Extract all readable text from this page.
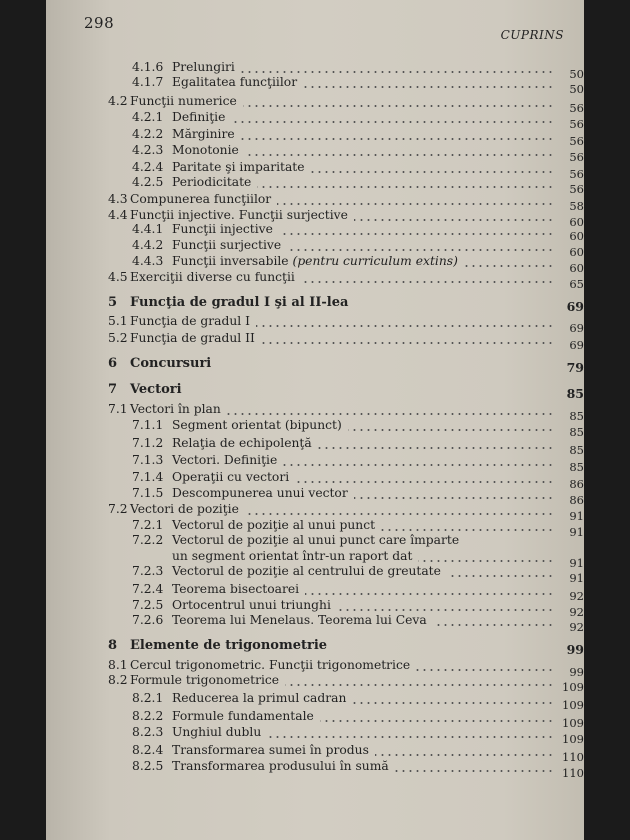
298
CUPRINS
4.1.6 Prelungiri	50
4.1.7 Egalitatea funcţiilor	50
4.2 Funcţii numerice	56
4.2.1 Definiţie	56
4.2.2 Mărginire	56
4.2.3 Monotonie	56
4.2.4 Paritate şi imparitate	56
4.2.5 Periodicitate	56
4.3 Compunerea funcţiilor	58
4.4 Funcţii injective. Funcţii surjective	60
4.4.1 Funcţii injective	60
4.4.2 Funcţii surjective	60
4.4.3 Funcţii inversabile (pentru curriculum extins)	60
4.5 Exerciţii diverse cu funcţii	65
5 Funcţia de gradul I şi al II-lea	69
5.1 Funcţia de gradul I	69
5.2 Funcţia de gradul II	69
6 Concursuri	79
7 Vectori	85
7.1 Vectori în plan	85
7.1.1 Segment orientat (bipunct)	85
7.1.2 Relaţia de echipolenţă	85
7.1.3 Vectori. Definiţie	85
7.1.4 Operaţii cu vectori	86
7.1.5 Descompunerea unui vector	86
7.2 Vectori de poziţie	91
7.2.1 Vectorul de poziţie al unui punct	91
7.2.2 Vectorul de poziţie al unui punct care împarte
un segment orientat într-un raport dat	91
7.2.3 Vectorul de poziţie al centrului de greutate	91
7.2.4 Teorema bisectoarei	92
7.2.5 Ortocentrul unui triunghi	92
7.2.6 Teorema lui Menelaus. Teorema lui Ceva	92
8 Elemente de trigonometrie	99
8.1 Cercul trigonometric. Funcţii trigonometrice	99
8.2 Formule trigonometrice	109
8.2.1 Reducerea la primul cadran	109
8.2.2 Formule fundamentale	109
8.2.3 Unghiul dublu	109
8.2.4 Transformarea sumei în produs	110
8.2.5 Transformarea produsului în sumă	110
